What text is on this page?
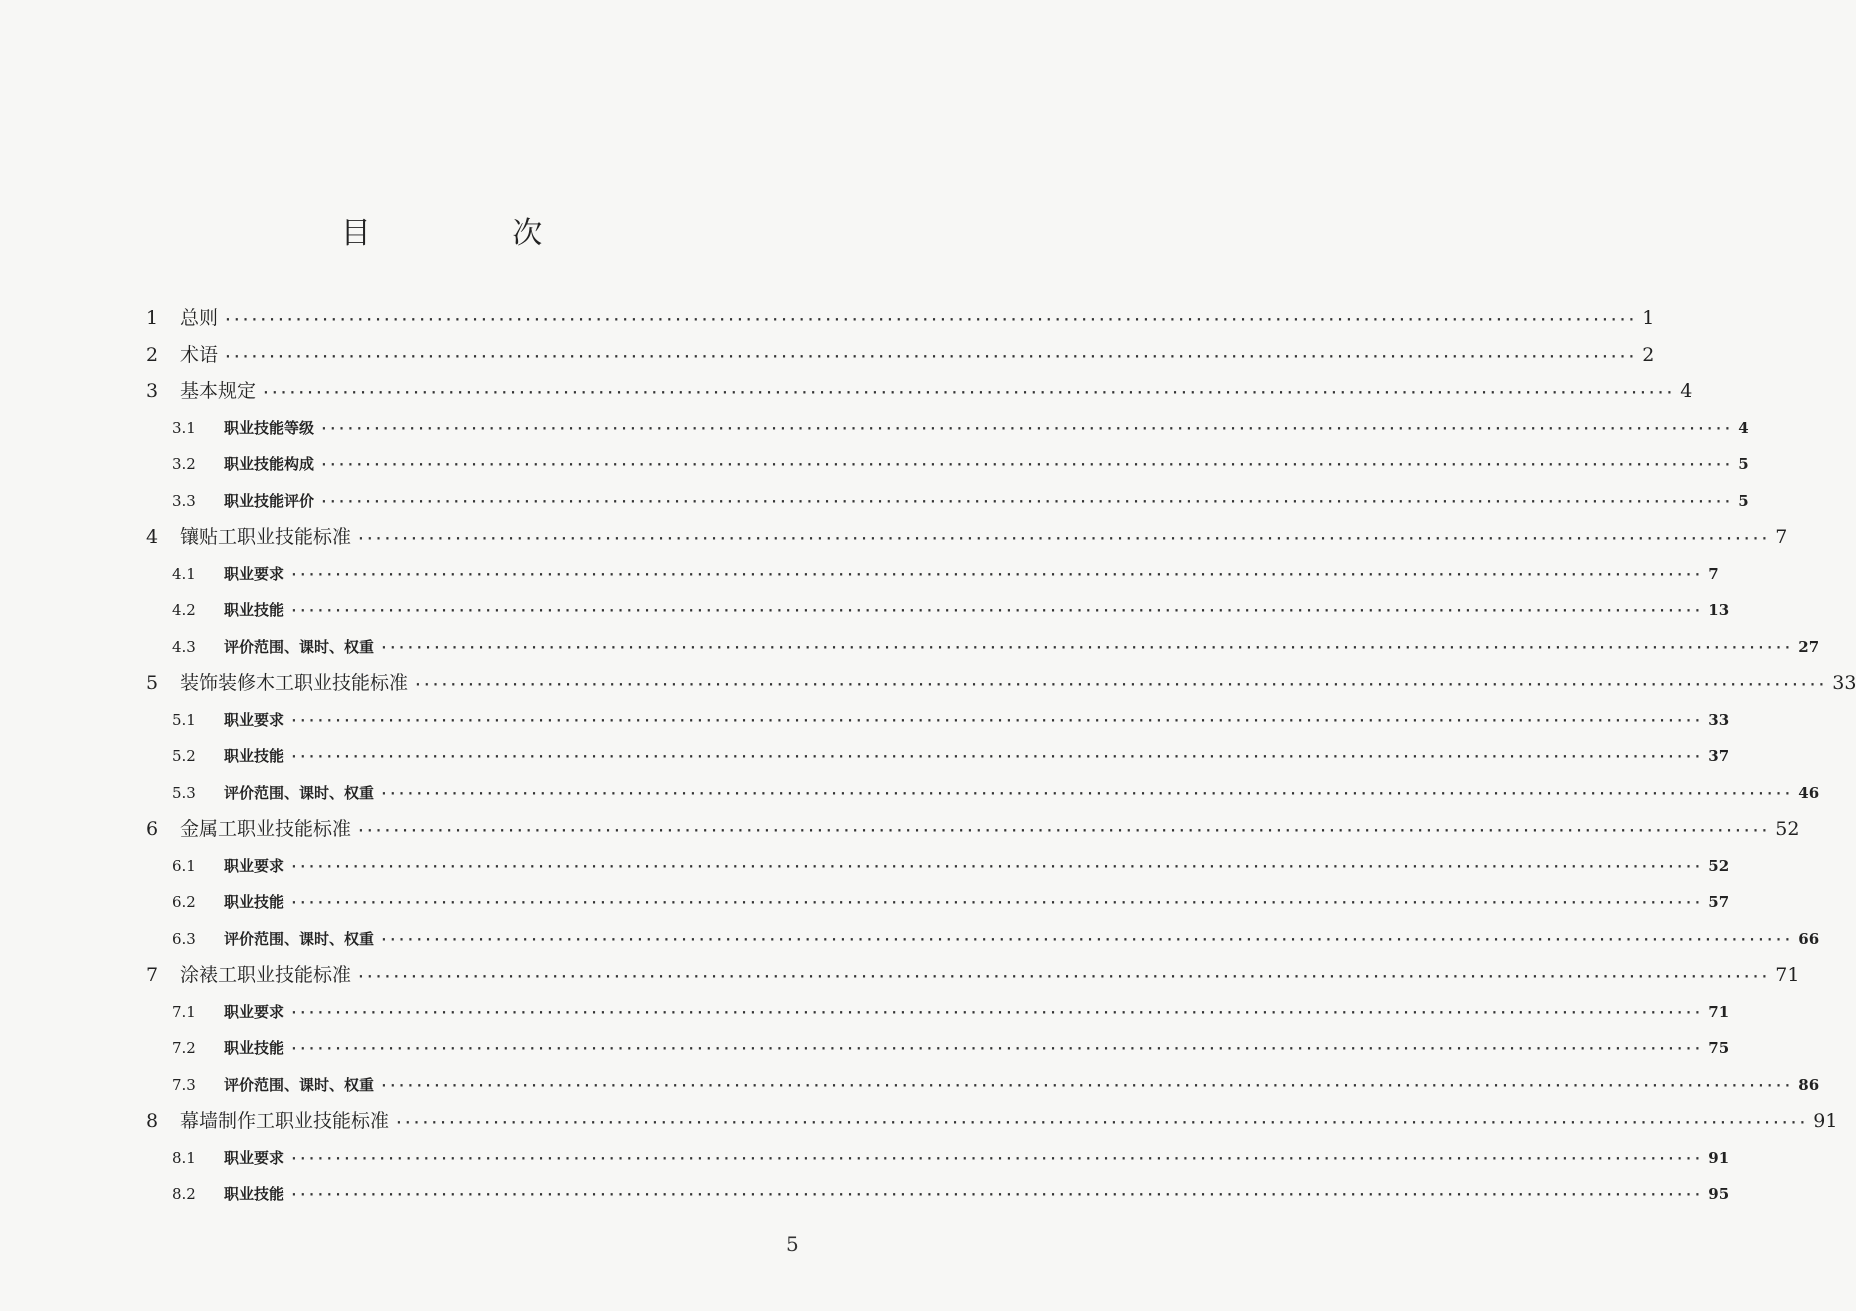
目 次
1	总则 ································································································································································ 1
2	术语 ································································································································································ 2
3	基本规定 ································································································································································ 4
3.1	职业技能等级 ································································································································································ 4
3.2	职业技能构成 ································································································································································ 5
3.3	职业技能评价 ································································································································································ 5
4	镶贴工职业技能标准 ································································································································································ 7
4.1	职业要求 ································································································································································ 7
4.2	职业技能 ································································································································································ 13
4.3	评价范围、课时、权重 ································································································································································ 27
5	装饰装修木工职业技能标准 ································································································································································ 33
5.1	职业要求 ································································································································································ 33
5.2	职业技能 ································································································································································ 37
5.3	评价范围、课时、权重 ································································································································································ 46
6	金属工职业技能标准 ································································································································································ 52
6.1	职业要求 ································································································································································ 52
6.2	职业技能 ································································································································································ 57
6.3	评价范围、课时、权重 ································································································································································ 66
7	涂裱工职业技能标准 ································································································································································ 71
7.1	职业要求 ································································································································································ 71
7.2	职业技能 ································································································································································ 75
7.3	评价范围、课时、权重 ································································································································································ 86
8	幕墙制作工职业技能标准 ································································································································································ 91
8.1	职业要求 ································································································································································ 91
8.2	职业技能 ································································································································································ 95
5
